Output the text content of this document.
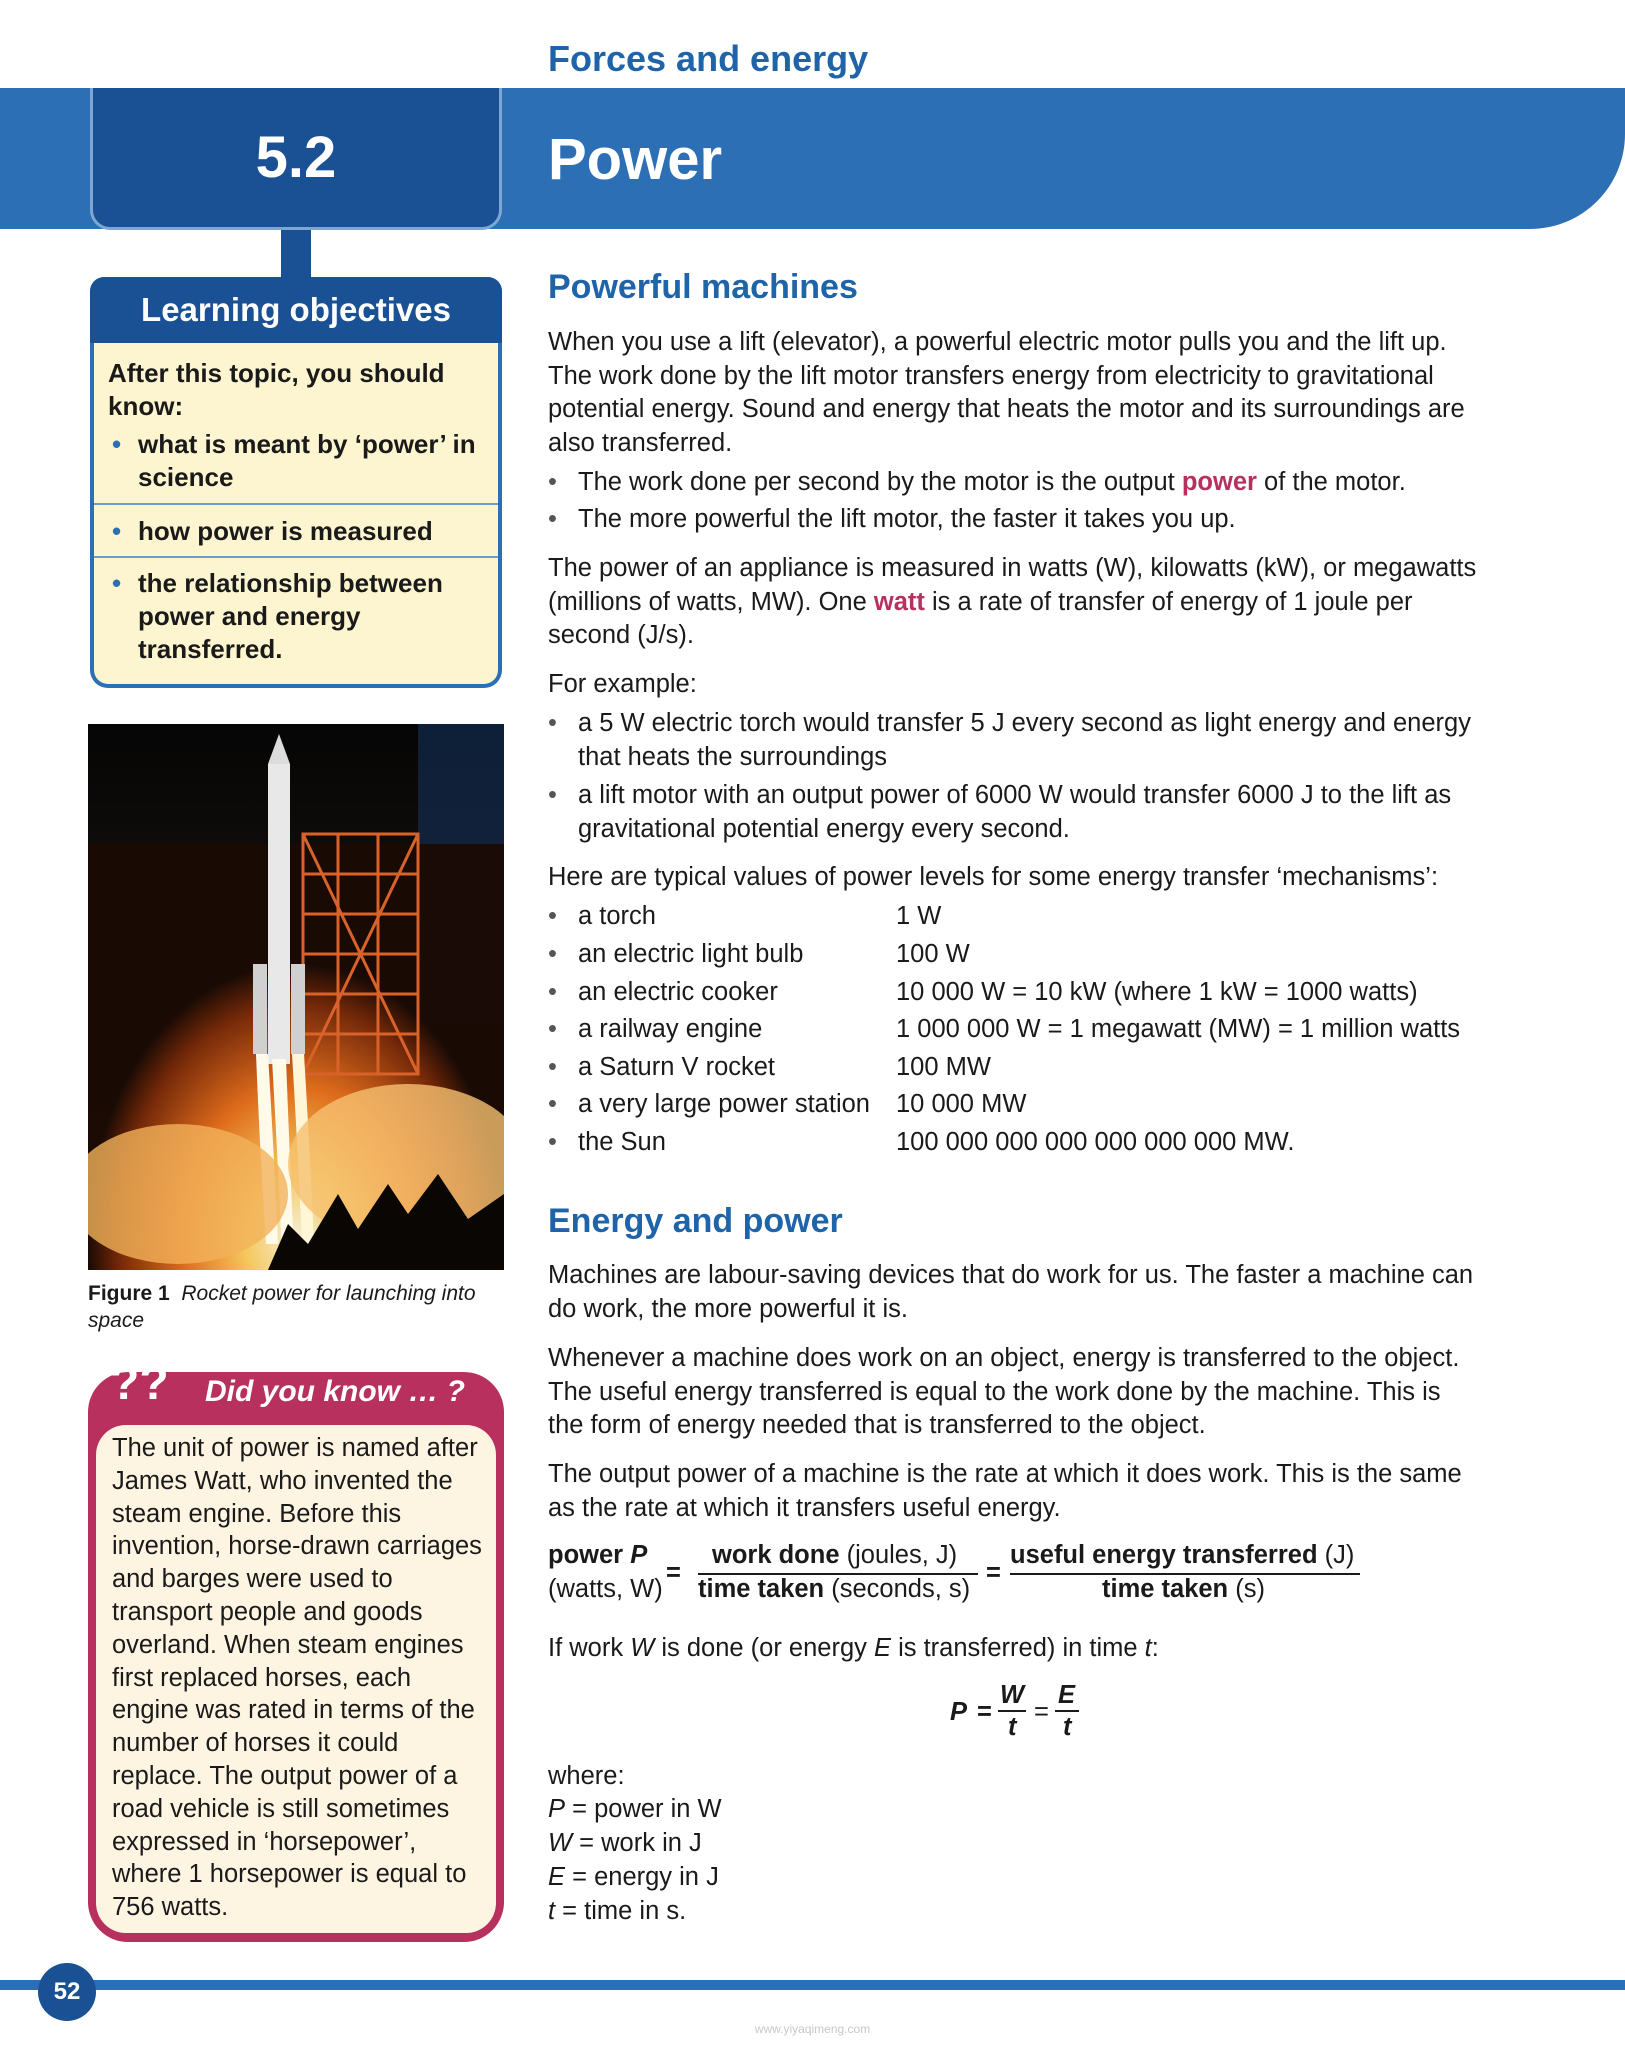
Forces and energy
5.2	Power
Learning objectives
After this topic, you should know:
• what is meant by ‘power’ in science
• how power is measured
• the relationship between power and energy transferred.
Figure 1 Rocket power for launching into space
?? Did you know … ?
The unit of power is named after James Watt, who invented the steam engine. Before this invention, horse-drawn carriages and barges were used to transport people and goods overland. When steam engines first replaced horses, each engine was rated in terms of the number of horses it could replace. The output power of a road vehicle is still sometimes expressed in ‘horsepower’, where 1 horsepower is equal to 756 watts.
Powerful machines
When you use a lift (elevator), a powerful electric motor pulls you and the lift up. The work done by the lift motor transfers energy from electricity to gravitational potential energy. Sound and energy that heats the motor and its surroundings are also transferred.
• The work done per second by the motor is the output power of the motor.
• The more powerful the lift motor, the faster it takes you up.
The power of an appliance is measured in watts (W), kilowatts (kW), or megawatts (millions of watts, MW). One watt is a rate of transfer of energy of 1 joule per second (J/s).
For example:
• a 5 W electric torch would transfer 5 J every second as light energy and energy that heats the surroundings
• a lift motor with an output power of 6000 W would transfer 6000 J to the lift as gravitational potential energy every second.
Here are typical values of power levels for some energy transfer ‘mechanisms’:
• a torch	1 W
• an electric light bulb	100 W
• an electric cooker	10 000 W = 10 kW (where 1 kW = 1000 watts)
• a railway engine	1 000 000 W = 1 megawatt (MW) = 1 million watts
• a Saturn V rocket	100 MW
• a very large power station 10 000 MW
• the Sun	100 000 000 000 000 000 000 MW.
Energy and power
Machines are labour-saving devices that do work for us. The faster a machine can do work, the more powerful it is.
Whenever a machine does work on an object, energy is transferred to the object. The useful energy transferred is equal to the work done by the machine. This is the form of energy needed that is transferred to the object.
The output power of a machine is the rate at which it does work. This is the same as the rate at which it transfers useful energy.
power P
(watts, W)
=
work done (joules, J)
time taken (seconds, s)
=
useful energy transferred (J)
time taken (s)
If work W is done (or energy E is transferred) in time t:
P =
W
t
=
E
t
where:
P = power in W
W = work in J
E = energy in J
t = time in s.
52
www.yiyaqimeng.com
